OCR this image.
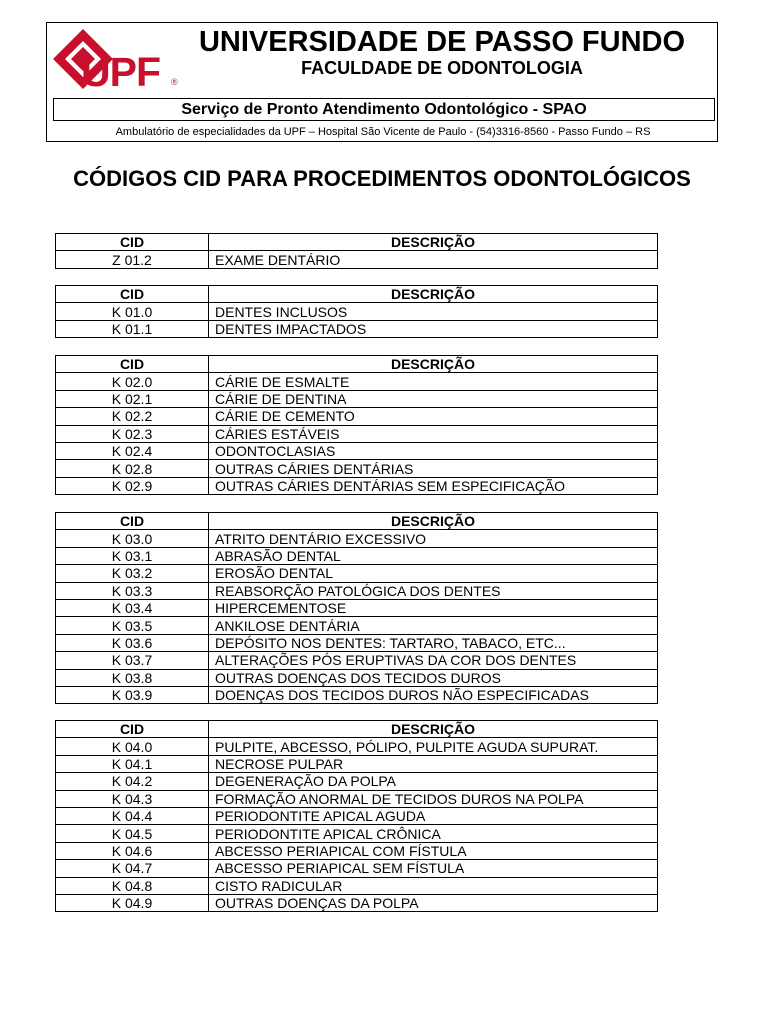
UPF ®
UNIVERSIDADE DE PASSO FUNDO
FACULDADE DE ODONTOLOGIA
Serviço de Pronto Atendimento Odontológico - SPAO
Ambulatório de especialidades da UPF – Hospital São Vicente de Paulo - (54)3316-8560 - Passo Fundo – RS
CÓDIGOS CID PARA PROCEDIMENTOS ODONTOLÓGICOS
CID	DESCRIÇÃO
Z 01.2	EXAME DENTÁRIO
CID	DESCRIÇÃO
K 01.0	DENTES INCLUSOS
K 01.1	DENTES IMPACTADOS
CID	DESCRIÇÃO
K 02.0	CÁRIE DE ESMALTE
K 02.1	CÁRIE DE DENTINA
K 02.2	CÁRIE DE CEMENTO
K 02.3	CÁRIES ESTÁVEIS
K 02.4	ODONTOCLASIAS
K 02.8	OUTRAS CÁRIES DENTÁRIAS
K 02.9	OUTRAS CÁRIES DENTÁRIAS SEM ESPECIFICAÇÃO
CID	DESCRIÇÃO
K 03.0	ATRITO DENTÁRIO EXCESSIVO
K 03.1	ABRASÃO DENTAL
K 03.2	EROSÃO DENTAL
K 03.3	REABSORÇÃO PATOLÓGICA DOS DENTES
K 03.4	HIPERCEMENTOSE
K 03.5	ANKILOSE DENTÁRIA
K 03.6	DEPÓSITO NOS DENTES: TARTARO, TABACO, ETC...
K 03.7	ALTERAÇÕES PÓS ERUPTIVAS DA COR DOS DENTES
K 03.8	OUTRAS DOENÇAS DOS TECIDOS DUROS
K 03.9	DOENÇAS DOS TECIDOS DUROS NÃO ESPECIFICADAS
CID	DESCRIÇÃO
K 04.0	PULPITE, ABCESSO, PÓLIPO, PULPITE AGUDA SUPURAT.
K 04.1	NECROSE PULPAR
K 04.2	DEGENERAÇÃO DA POLPA
K 04.3	FORMAÇÃO ANORMAL DE TECIDOS DUROS NA POLPA
K 04.4	PERIODONTITE APICAL AGUDA
K 04.5	PERIODONTITE APICAL CRÔNICA
K 04.6	ABCESSO PERIAPICAL COM FÍSTULA
K 04.7	ABCESSO PERIAPICAL SEM FÍSTULA
K 04.8	CISTO RADICULAR
K 04.9	OUTRAS DOENÇAS DA POLPA
